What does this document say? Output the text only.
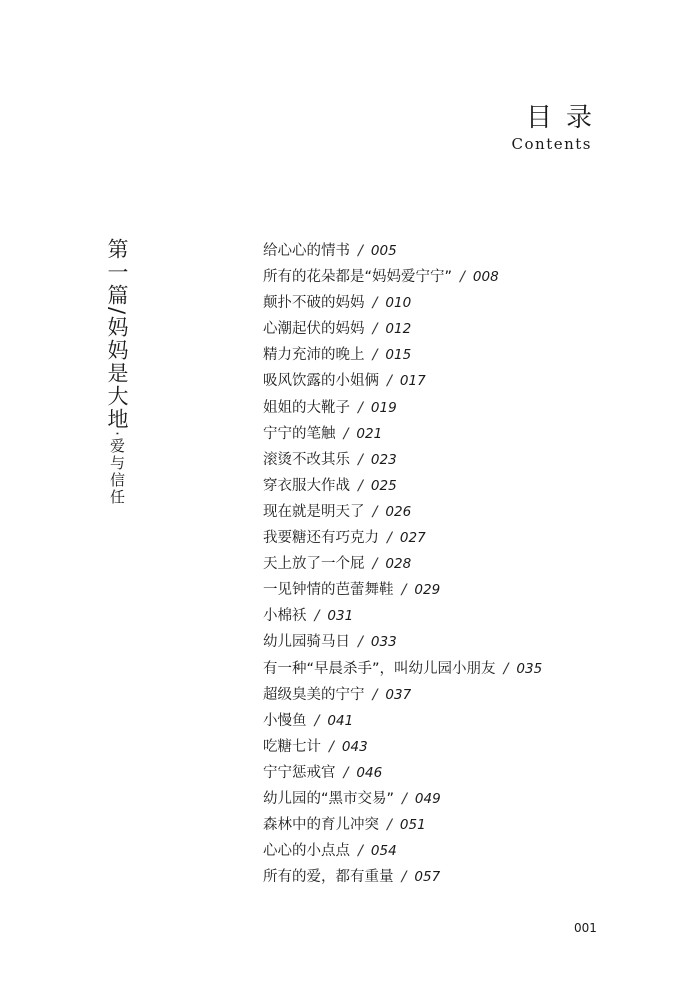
目录
Contents
第一篇/妈妈是大地·爱与信任
给心心的情书 / 005
所有的花朵都是“妈妈爱宁宁” / 008
颠扑不破的妈妈 / 010
心潮起伏的妈妈 / 012
精力充沛的晚上 / 015
吸风饮露的小姐俩 / 017
姐姐的大靴子 / 019
宁宁的笔触 / 021
滚烫不改其乐 / 023
穿衣服大作战 / 025
现在就是明天了 / 026
我要糖还有巧克力 / 027
天上放了一个屁 / 028
一见钟情的芭蕾舞鞋 / 029
小棉袄 / 031
幼儿园骑马日 / 033
有一种“早晨杀手”，叫幼儿园小朋友 / 035
超级臭美的宁宁 / 037
小慢鱼 / 041
吃糖七计 / 043
宁宁惩戒官 / 046
幼儿园的“黑市交易” / 049
森林中的育儿冲突 / 051
心心的小点点 / 054
所有的爱，都有重量 / 057
001
